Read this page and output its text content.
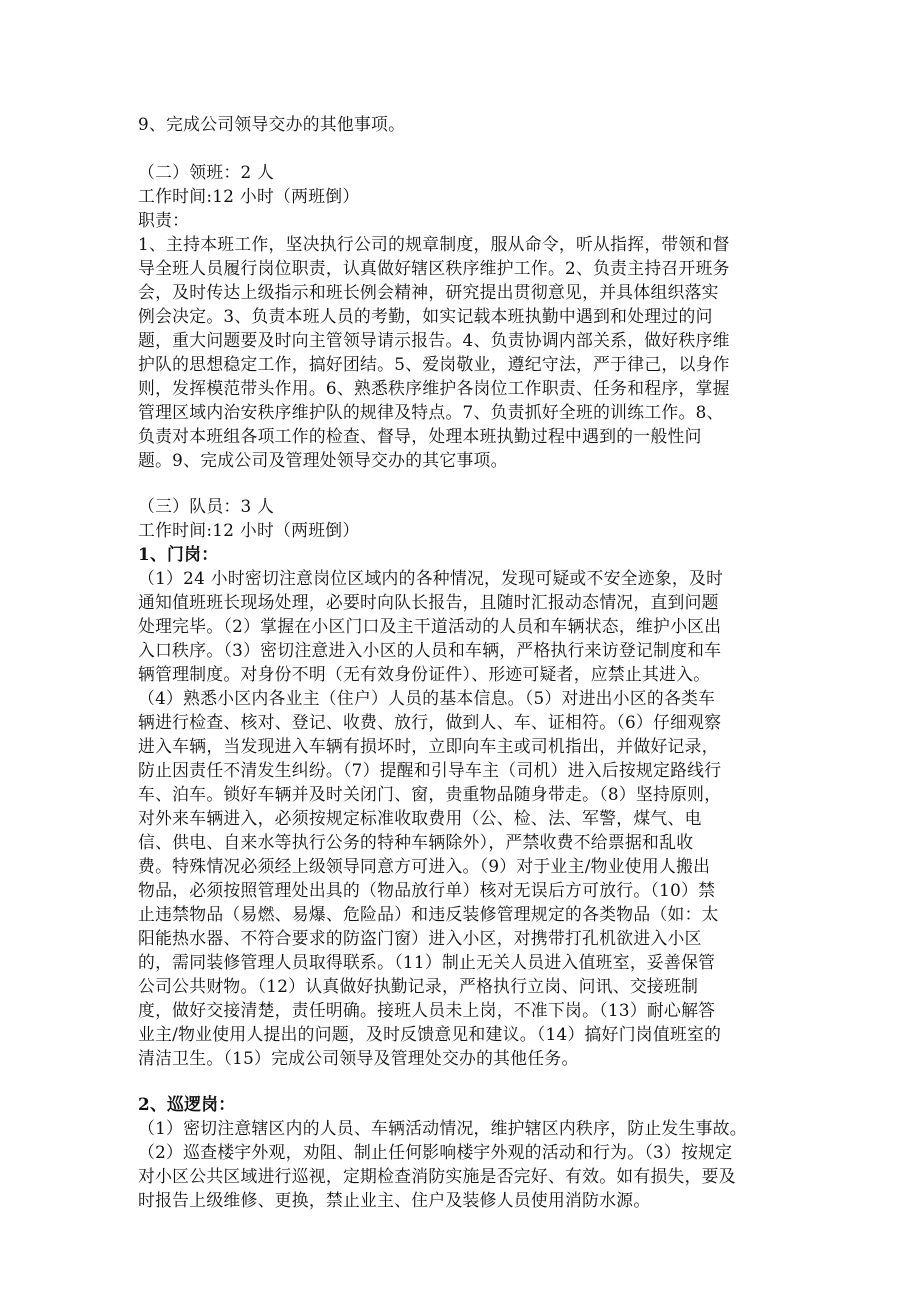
9、完成公司领导交办的其他事项。
（二）领班：2 人
工作时间:12 小时（两班倒）
职责：
1、主持本班工作，坚决执行公司的规章制度，服从命令，听从指挥，带领和督
导全班人员履行岗位职责，认真做好辖区秩序维护工作。2、负责主持召开班务
会，及时传达上级指示和班长例会精神，研究提出贯彻意见，并具体组织落实
例会决定。3、负责本班人员的考勤，如实记载本班执勤中遇到和处理过的问
题，重大问题要及时向主管领导请示报告。4、负责协调内部关系，做好秩序维
护队的思想稳定工作，搞好团结。5、爱岗敬业，遵纪守法，严于律己，以身作
则，发挥模范带头作用。6、熟悉秩序维护各岗位工作职责、任务和程序，掌握
管理区域内治安秩序维护队的规律及特点。7、负责抓好全班的训练工作。8、
负责对本班组各项工作的检查、督导，处理本班执勤过程中遇到的一般性问
题。9、完成公司及管理处领导交办的其它事项。
（三）队员：3 人
工作时间:12 小时（两班倒）
1、门岗：
（1）24 小时密切注意岗位区域内的各种情况，发现可疑或不安全迹象，及时
通知值班班长现场处理，必要时向队长报告，且随时汇报动态情况，直到问题
处理完毕。（2）掌握在小区门口及主干道活动的人员和车辆状态，维护小区出
入口秩序。（3）密切注意进入小区的人员和车辆，严格执行来访登记制度和车
辆管理制度。对身份不明（无有效身份证件）、形迹可疑者，应禁止其进入。
（4）熟悉小区内各业主（住户）人员的基本信息。（5）对进出小区的各类车
辆进行检查、核对、登记、收费、放行，做到人、车、证相符。（6）仔细观察
进入车辆，当发现进入车辆有损坏时，立即向车主或司机指出，并做好记录，
防止因责任不清发生纠纷。（7）提醒和引导车主（司机）进入后按规定路线行
车、泊车。锁好车辆并及时关闭门、窗，贵重物品随身带走。（8）坚持原则，
对外来车辆进入，必须按规定标准收取费用（公、检、法、军警，煤气、电
信、供电、自来水等执行公务的特种车辆除外），严禁收费不给票据和乱收
费。特殊情况必须经上级领导同意方可进入。（9）对于业主/物业使用人搬出
物品，必须按照管理处出具的（物品放行单）核对无误后方可放行。（10）禁
止违禁物品（易燃、易爆、危险品）和违反装修管理规定的各类物品（如：太
阳能热水器、不符合要求的防盗门窗）进入小区，对携带打孔机欲进入小区
的，需同装修管理人员取得联系。（11）制止无关人员进入值班室，妥善保管
公司公共财物。（12）认真做好执勤记录，严格执行立岗、问讯、交接班制
度，做好交接清楚，责任明确。接班人员未上岗，不准下岗。（13）耐心解答
业主/物业使用人提出的问题，及时反馈意见和建议。（14）搞好门岗值班室的
清洁卫生。（15）完成公司领导及管理处交办的其他任务。
2、巡逻岗：
（1）密切注意辖区内的人员、车辆活动情况，维护辖区内秩序，防止发生事故。
（2）巡查楼宇外观，劝阻、制止任何影响楼宇外观的活动和行为。（3）按规定
对小区公共区域进行巡视，定期检查消防实施是否完好、有效。如有损失，要及
时报告上级维修、更换，禁止业主、住户及装修人员使用消防水源。
